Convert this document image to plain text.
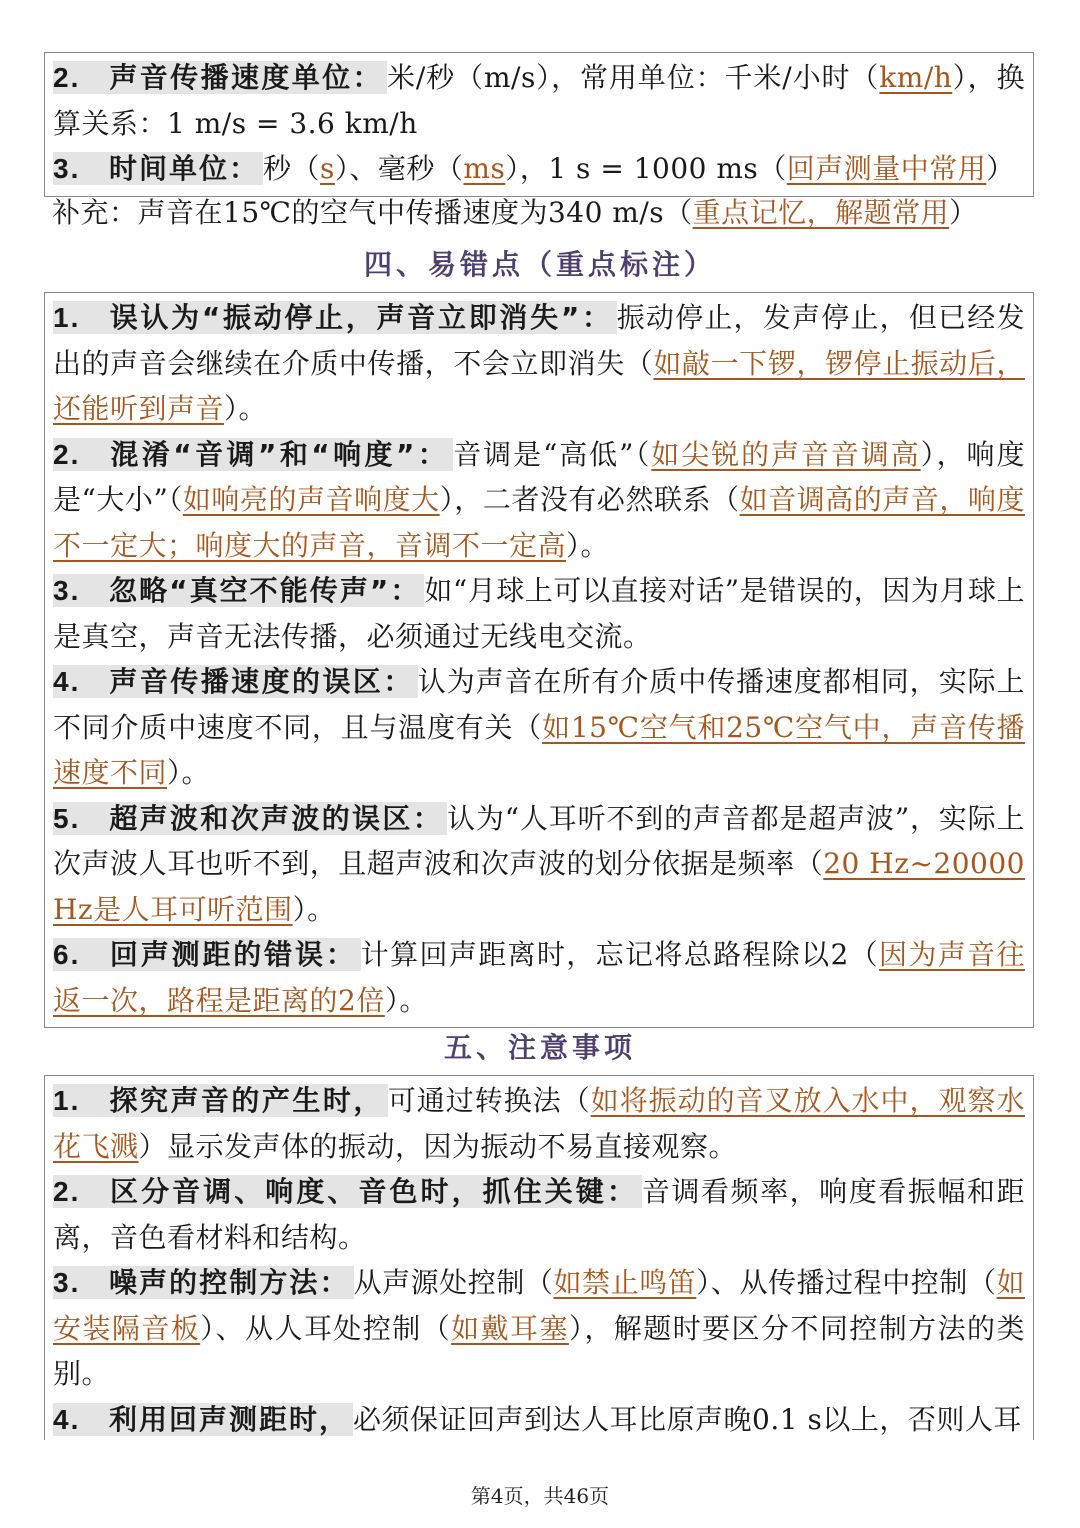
2. 声音传播速度单位： 米/秒（m/s），常用单位：千米/小时（km/h），换算关系：1 m/s = 3.6 km/h

3. 时间单位： 秒（s）、毫秒（ms），1 s = 1000 ms（回声测量中常用）

补充：声音在15℃的空气中传播速度为340 m/s（重点记忆，解题常用）

四、易错点（重点标注）

1. 误认为“振动停止，声音立即消失”： 振动停止，发声停止，但已经发出的声音会继续在介质中传播，不会立即消失（如敲一下锣，锣停止振动后，还能听到声音）。

2. 混淆“音调”和“响度”： 音调是“高低”（如尖锐的声音音调高），响度是“大小”（如响亮的声音响度大），二者没有必然联系（如音调高的声音，响度不一定大；响度大的声音，音调不一定高）。

3. 忽略“真空不能传声”： 如“月球上可以直接对话”是错误的，因为月球上是真空，声音无法传播，必须通过无线电交流。

4. 声音传播速度的误区： 认为声音在所有介质中传播速度都相同，实际上不同介质中速度不同，且与温度有关（如15℃空气和25℃空气中，声音传播速度不同）。

5. 超声波和次声波的误区： 认为“人耳听不到的声音都是超声波”，实际上次声波人耳也听不到，且超声波和次声波的划分依据是频率（20 Hz~20000 Hz是人耳可听范围）。

6. 回声测距的错误： 计算回声距离时，忘记将总路程除以2（因为声音往返一次，路程是距离的2倍）。

五、注意事项

1. 探究声音的产生时， 可通过转换法（如将振动的音叉放入水中，观察水花飞溅）显示发声体的振动，因为振动不易直接观察。

2. 区分音调、响度、音色时，抓住关键： 音调看频率，响度看振幅和距离，音色看材料和结构。

3. 噪声的控制方法： 从声源处控制（如禁止鸣笛）、从传播过程中控制（如安装隔音板）、从人耳处控制（如戴耳塞），解题时要区分不同控制方法的类别。

4. 利用回声测距时， 必须保证回声到达人耳比原声晚0.1 s以上，否则人耳

第4页，共46页
